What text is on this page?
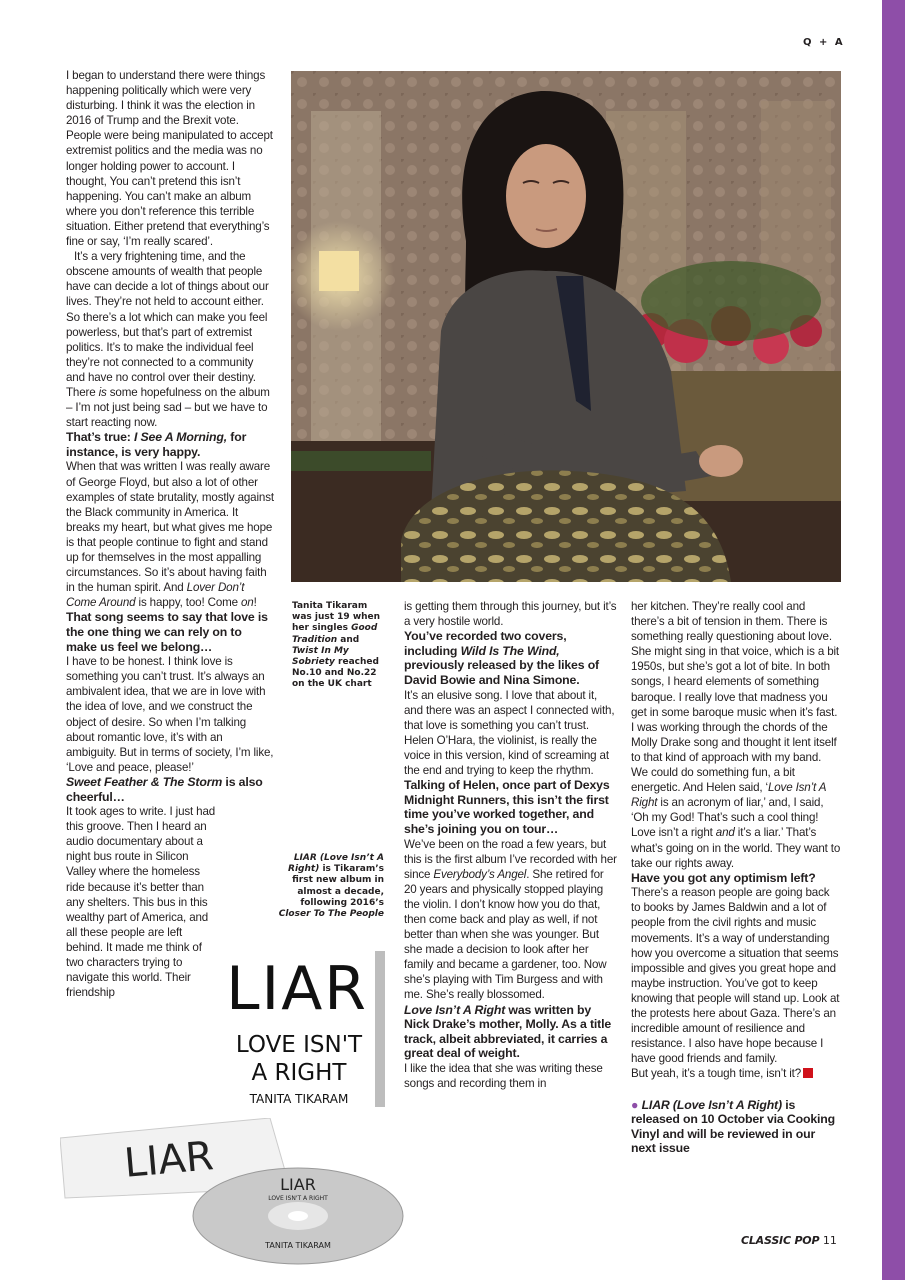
Q + A

I began to understand there were things happening politically which were very disturbing. I think it was the election in 2016 of Trump and the Brexit vote. People were being manipulated to accept extremist politics and the media was no longer holding power to account. I thought, You can’t pretend this isn’t happening. You can’t make an album where you don’t reference this terrible situation. Either pretend that everything’s fine or say, ‘I’m really scared’.

It’s a very frightening time, and the obscene amounts of wealth that people have can decide a lot of things about our lives. They’re not held to account either. So there’s a lot which can make you feel powerless, but that’s part of extremist politics. It’s to make the individual feel they’re not connected to a community and have no control over their destiny. There is some hopefulness on the album – I’m not just being sad – but we have to start reacting now.

That’s true: I See A Morning, for instance, is very happy.

When that was written I was really aware of George Floyd, but also a lot of other examples of state brutality, mostly against the Black community in America. It breaks my heart, but what gives me hope is that people continue to fight and stand up for themselves in the most appalling circumstances. So it’s about having faith in the human spirit. And Lover Don’t Come Around is happy, too! Come on!

That song seems to say that love is the one thing we can rely on to make us feel we belong…

I have to be honest. I think love is something you can’t trust. It’s always an ambivalent idea, that we are in love with the idea of love, and we construct the object of desire. So when I’m talking about romantic love, it’s with an ambiguity. But in terms of society, I’m like, ‘Love and peace, please!’

Sweet Feather & The Storm is also cheerful…

It took ages to write. I just had this groove. Then I heard an audio documentary about a night bus route in Silicon Valley where the homeless ride because it’s better than any shelters. This bus in this wealthy part of America, and all these people are left behind. It made me think of two characters trying to navigate this world. Their friendship

Tanita Tikaram was just 19 when her singles Good Tradition and Twist In My Sobriety reached No.10 and No.22 on the UK chart
LIAR (Love Isn’t A Right) is Tikaram’s first new album in almost a decade, following 2016’s Closer To The People
LIAR
LOVE ISN'T
A RIGHT
TANITA TIKARAM
LIAR	LIAR
LOVE ISN'T A RIGHT
TANITA TIKARAM

is getting them through this journey, but it’s a very hostile world.

You’ve recorded two covers, including Wild Is The Wind, previously released by the likes of David Bowie and Nina Simone.

It’s an elusive song. I love that about it, and there was an aspect I connected with, that love is something you can’t trust. Helen O’Hara, the violinist, is really the voice in this version, kind of screaming at the end and trying to keep the rhythm.

Talking of Helen, once part of Dexys Midnight Runners, this isn’t the first time you’ve worked together, and she’s joining you on tour…

We’ve been on the road a few years, but this is the first album I’ve recorded with her since Everybody’s Angel. She retired for 20 years and physically stopped playing the violin. I don’t know how you do that, then come back and play as well, if not better than when she was younger. But she made a decision to look after her family and became a gardener, too. Now she’s playing with Tim Burgess and with me. She’s really blossomed.

Love Isn’t A Right was written by Nick Drake’s mother, Molly. As a title track, albeit abbreviated, it carries a great deal of weight.

I like the idea that she was writing these songs and recording them in

her kitchen. They’re really cool and there’s a bit of tension in them. There is something really questioning about love. She might sing in that voice, which is a bit 1950s, but she’s got a lot of bite. In both songs, I heard elements of something baroque. I really love that madness you get in some baroque music when it’s fast. I was working through the chords of the Molly Drake song and thought it lent itself to that kind of approach with my band.

We could do something fun, a bit energetic. And Helen said, ‘Love Isn’t A Right is an acronym of liar,’ and, I said, ‘Oh my God! That’s such a cool thing! Love isn’t a right and it’s a liar.’ That’s what’s going on in the world. They want to take our rights away.

Have you got any optimism left?

There’s a reason people are going back to books by James Baldwin and a lot of people from the civil rights and music movements. It’s a way of understanding how you overcome a situation that seems impossible and gives you great hope and maybe instruction. You’ve got to keep knowing that people will stand up. Look at the protests here about Gaza. There’s an incredible amount of resilience and resistance. I also have hope because I have good friends and family.

But yeah, it’s a tough time, isn’t it?

● LIAR (Love Isn’t A Right) is released on 10 October via Cooking Vinyl and will be reviewed in our next issue

CLASSIC POP 11
